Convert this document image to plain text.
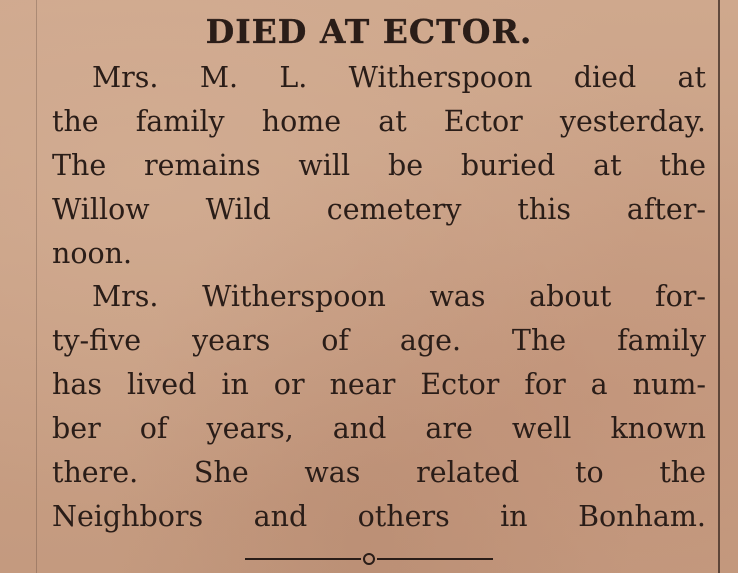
DIED AT ECTOR.
Mrs. M. L. Witherspoon died at
the family home at Ector yesterday.
The remains will be buried at the
Willow Wild cemetery this after-
noon.
Mrs. Witherspoon was about for-
ty-five years of age. The family
has lived in or near Ector for a num-
ber of years, and are well known
there. She was related to the
Neighbors and others in Bonham.
